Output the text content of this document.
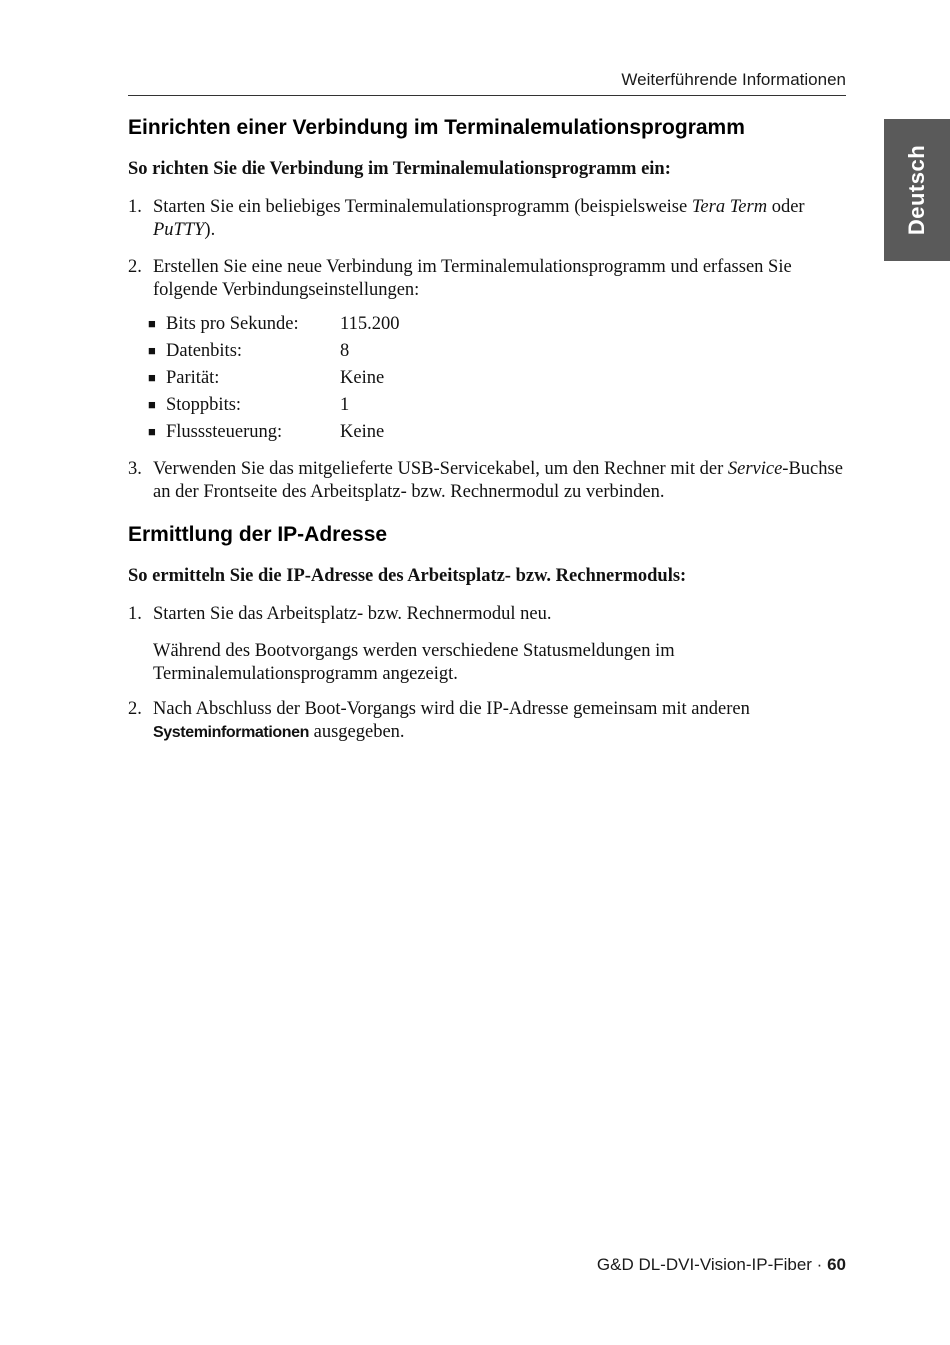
Weiterführende Informationen
Deutsch
Einrichten einer Verbindung im Terminalemulationsprogramm

So richten Sie die Verbindung im Terminalemulationsprogramm ein:

1. Starten Sie ein beliebiges Terminalemulationsprogramm (beispielsweise Tera Term oder PuTTY).
2. Erstellen Sie eine neue Verbindung im Terminalemulationsprogramm und erfassen Sie folgende Verbindungseinstellungen:
■ Bits pro Sekunde: 115.200
■ Datenbits:	8
■ Parität:	Keine
■ Stoppbits:	1
■ Flusssteuerung:	Keine
3. Verwenden Sie das mitgelieferte USB-Servicekabel, um den Rechner mit der Service-Buchse an der Frontseite des Arbeitsplatz- bzw. Rechnermodul zu verbinden.
Ermittlung der IP-Adresse

So ermitteln Sie die IP-Adresse des Arbeitsplatz- bzw. Rechnermoduls:

1. Starten Sie das Arbeitsplatz- bzw. Rechnermodul neu.
Während des Bootvorgangs werden verschiedene Statusmeldungen im Terminalemulationsprogramm angezeigt.
2. Nach Abschluss der Boot-Vorgangs wird die IP-Adresse gemeinsam mit anderen Systeminformationen ausgegeben.
G&D DL-DVI-Vision-IP-Fiber · 60
